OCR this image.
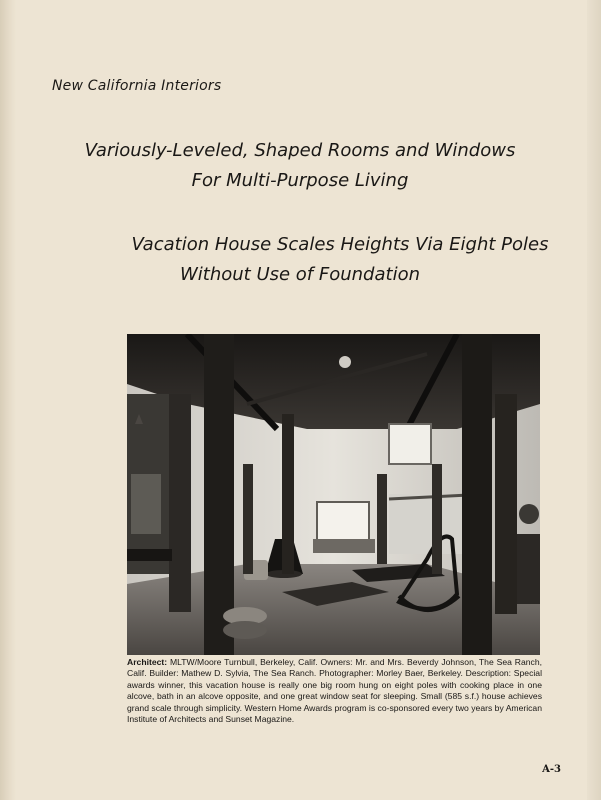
New California Interiors
Variously-Leveled, Shaped Rooms and Windows
For Multi-Purpose Living
Vacation House Scales Heights Via Eight Poles
Without Use of Foundation
Architect: MLTW/Moore Turnbull, Berkeley, Calif. Owners: Mr. and Mrs. Beverdy Johnson, The Sea Ranch, Calif. Builder: Mathew D. Sylvia, The Sea Ranch. Photographer: Morley Baer, Berkeley. Description: Special awards winner, this vacation house is really one big room hung on eight poles with cooking place in one alcove, bath in an alcove opposite, and one great window seat for sleeping. Small (585 s.f.) house achieves grand scale through simplicity. Western Home Awards program is co-sponsored every two years by American Institute of Architects and Sunset Magazine.
A-3
